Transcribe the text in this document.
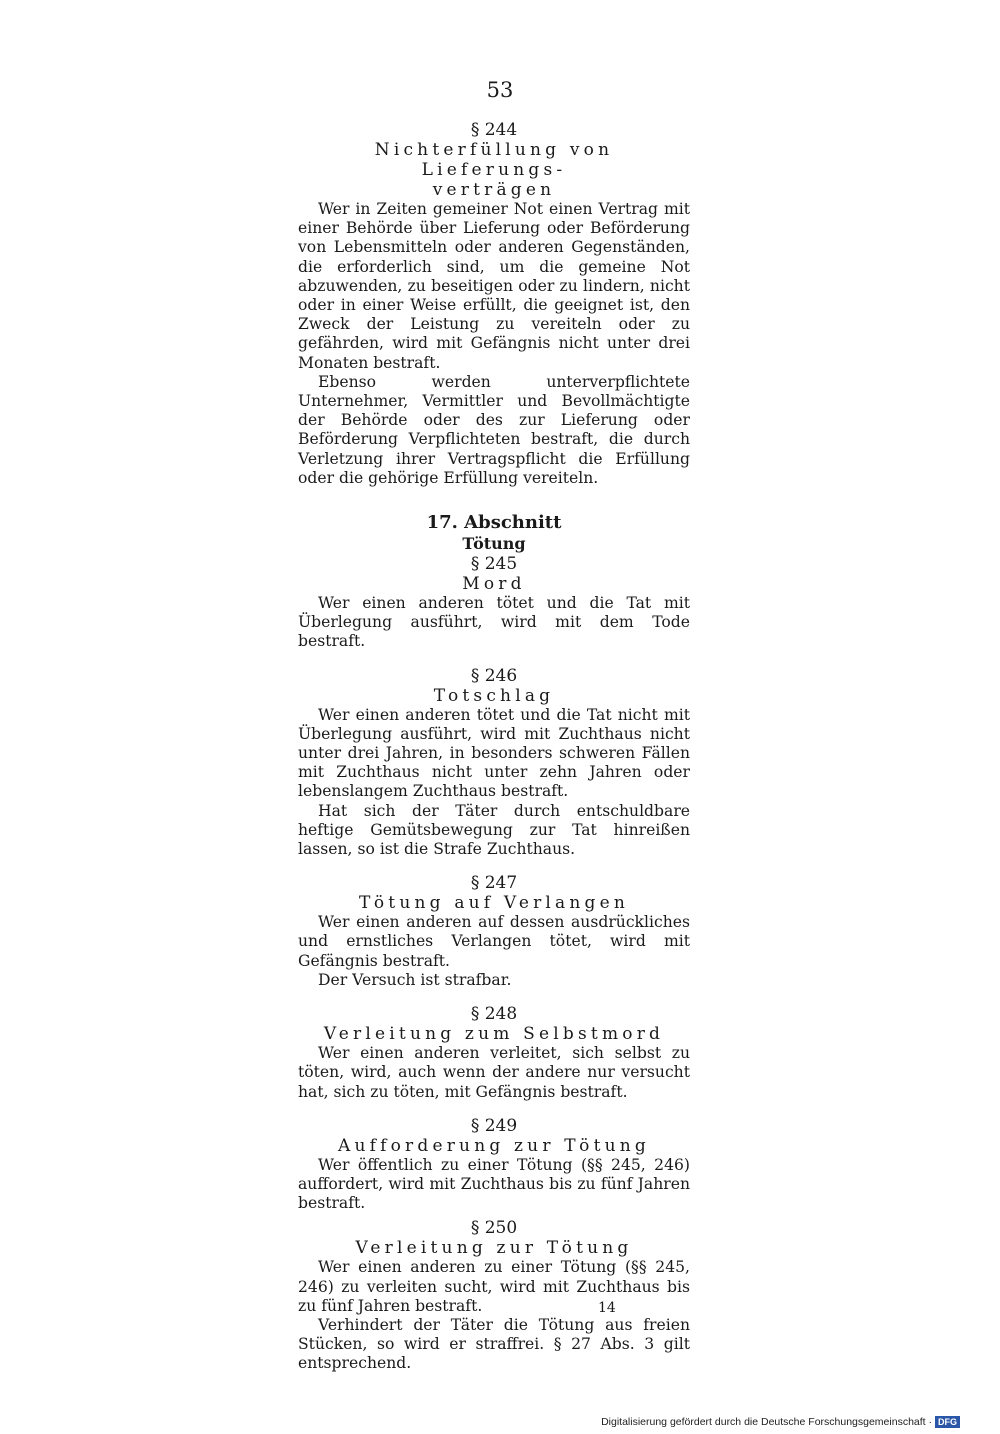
53
§ 244
Nichterfüllung von Lieferungs-
verträgen

Wer in Zeiten gemeiner Not einen Vertrag mit einer Behörde über Lieferung oder Beförderung von Lebensmitteln oder anderen Gegenständen, die erforderlich sind, um die gemeine Not abzuwenden, zu beseitigen oder zu lindern, nicht oder in einer Weise erfüllt, die geeignet ist, den Zweck der Leistung zu vereiteln oder zu gefährden, wird mit Gefängnis nicht unter drei Monaten bestraft.

Ebenso werden unterverpflichtete Unternehmer, Vermittler und Bevollmächtigte der Behörde oder des zur Lieferung oder Beförderung Verpflichteten bestraft, die durch Verletzung ihrer Vertragspflicht die Erfüllung oder die gehörige Erfüllung vereiteln.

17. Abschnitt
Tötung
§ 245
Mord

Wer einen anderen tötet und die Tat mit Überlegung ausführt, wird mit dem Tode bestraft.

§ 246
Totschlag

Wer einen anderen tötet und die Tat nicht mit Überlegung ausführt, wird mit Zuchthaus nicht unter drei Jahren, in besonders schweren Fällen mit Zuchthaus nicht unter zehn Jahren oder lebenslangem Zuchthaus bestraft.

Hat sich der Täter durch entschuldbare heftige Gemütsbewegung zur Tat hinreißen lassen, so ist die Strafe Zuchthaus.

§ 247
Tötung auf Verlangen

Wer einen anderen auf dessen ausdrückliches und ernstliches Verlangen tötet, wird mit Gefängnis bestraft.

Der Versuch ist strafbar.

§ 248
Verleitung zum Selbstmord

Wer einen anderen verleitet, sich selbst zu töten, wird, auch wenn der andere nur versucht hat, sich zu töten, mit Gefängnis bestraft.

§ 249
Aufforderung zur Tötung

Wer öffentlich zu einer Tötung (§§ 245, 246) auffordert, wird mit Zuchthaus bis zu fünf Jahren bestraft.

§ 250
Verleitung zur Tötung

Wer einen anderen zu einer Tötung (§§ 245, 246) zu verleiten sucht, wird mit Zuchthaus bis zu fünf Jahren bestraft.

Verhindert der Täter die Tötung aus freien Stücken, so wird er straffrei. § 27 Abs. 3 gilt entsprechend.

14
Digitalisierung gefördert durch die Deutsche Forschungsgemeinschaft · DFG
